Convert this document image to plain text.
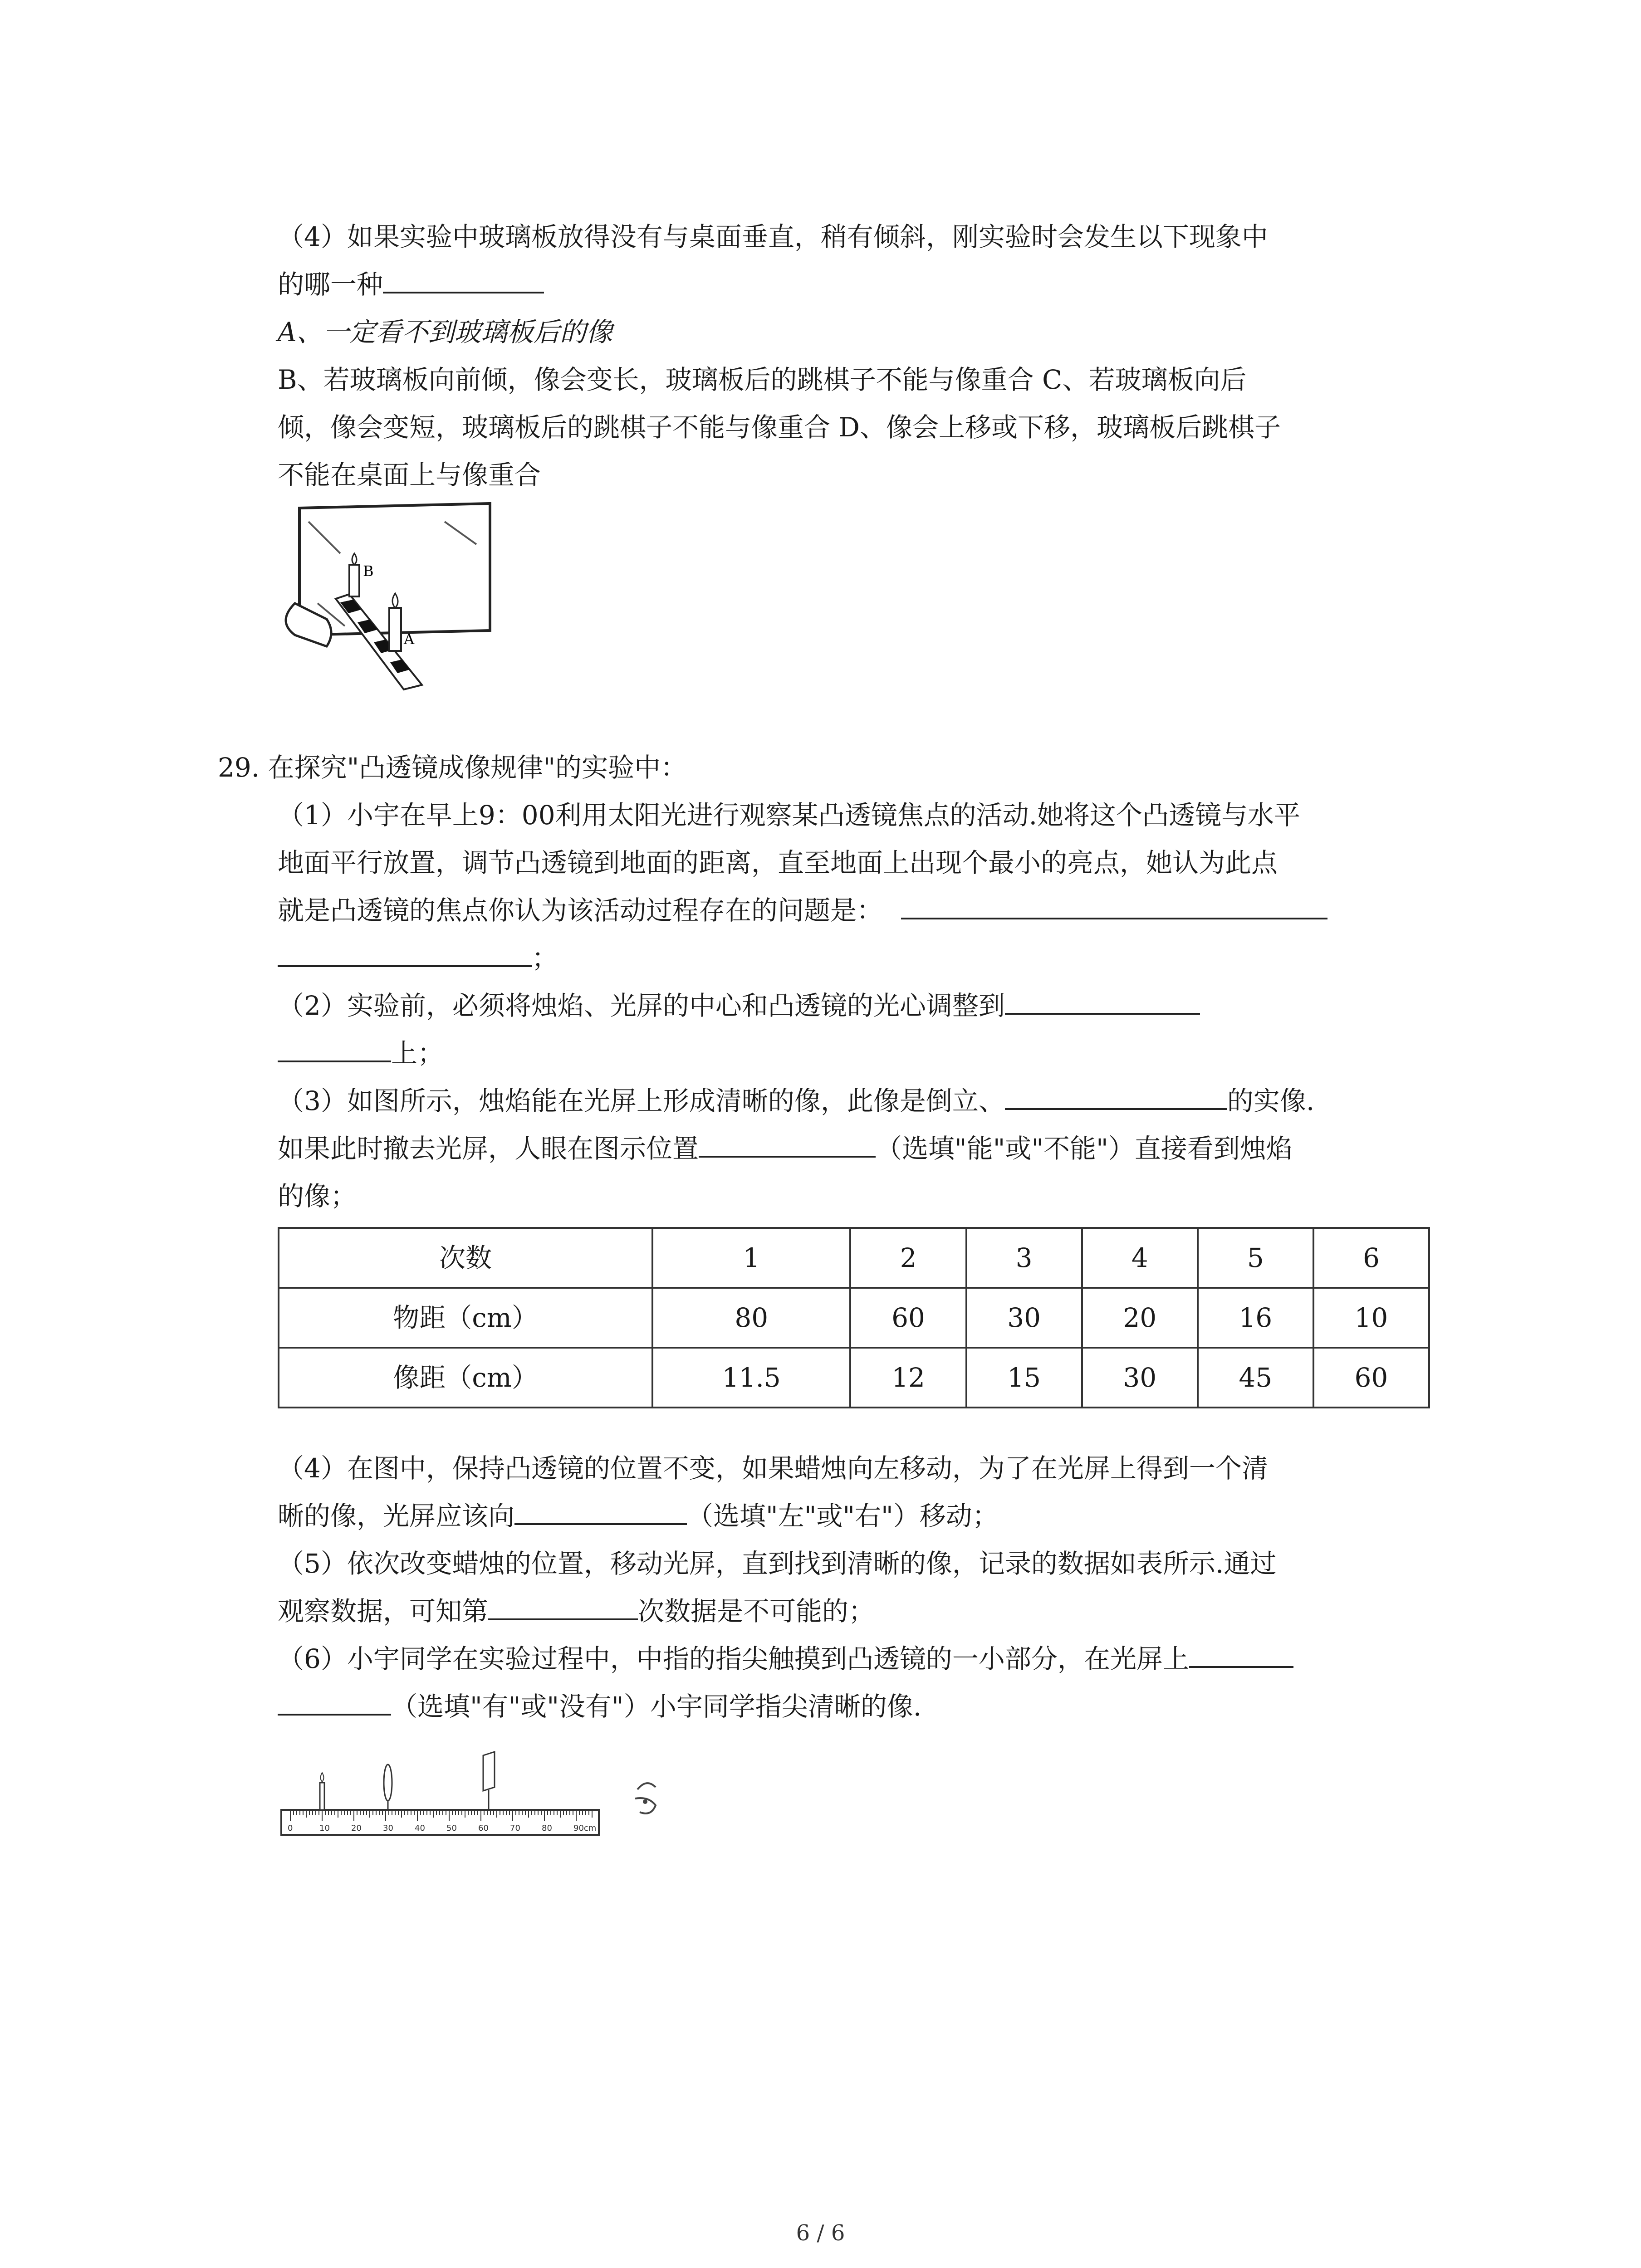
（4）如果实验中玻璃板放得没有与桌面垂直，稍有倾斜，刚实验时会发生以下现象中
的哪一种
A、一定看不到玻璃板后的像
B、若玻璃板向前倾，像会变长，玻璃板后的跳棋子不能与像重合 C、若玻璃板向后
倾，像会变短，玻璃板后的跳棋子不能与像重合 D、像会上移或下移，玻璃板后跳棋子
不能在桌面上与像重合
B
A
29. 在探究"凸透镜成像规律"的实验中：
（1）小宇在早上9：00利用太阳光进行观察某凸透镜焦点的活动.她将这个凸透镜与水平
地面平行放置，调节凸透镜到地面的距离，直至地面上出现个最小的亮点，她认为此点
就是凸透镜的焦点你认为该活动过程存在的问题是：
；
（2）实验前，必须将烛焰、光屏的中心和凸透镜的光心调整到
上；
（3）如图所示，烛焰能在光屏上形成清晰的像，此像是倒立、	的实像.
如果此时撤去光屏，人眼在图示位置	（选填"能"或"不能"）直接看到烛焰
的像；
次数	1	2	3	4	5	6
物距（cm）	80	60	30	20	16	10
像距（cm）	11.5	12	15	30	45	60
（4）在图中，保持凸透镜的位置不变，如果蜡烛向左移动，为了在光屏上得到一个清
晰的像，光屏应该向	（选填"左"或"右"）移动；
（5）依次改变蜡烛的位置，移动光屏，直到找到清晰的像，记录的数据如表所示.通过
观察数据，可知第	次数据是不可能的；
（6）小宇同学在实验过程中，中指的指尖触摸到凸透镜的一小部分，在光屏上
（选填"有"或"没有"）小宇同学指尖清晰的像.
0	10	20	30	40	50	60	70	80	90cm
6 / 6
